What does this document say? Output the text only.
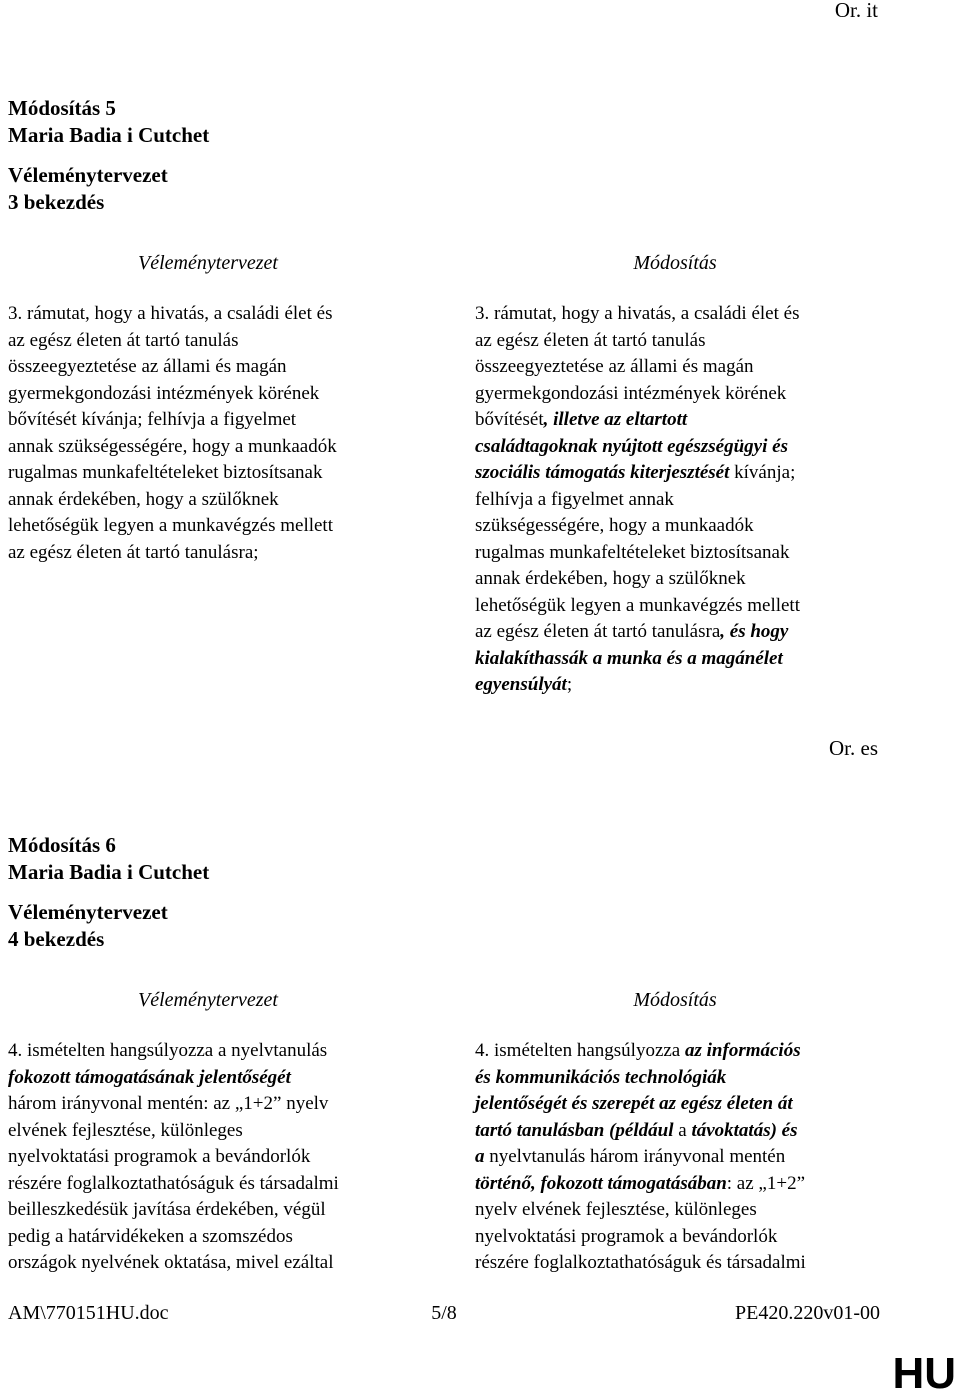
Or. it
Módosítás 5
Maria Badia i Cutchet
Véleménytervezet
3 bekezdés
Véleménytervezet	Módosítás
3. rámutat, hogy a hivatás, a családi élet és
az egész életen át tartó tanulás
összeegyeztetése az állami és magán
gyermekgondozási intézmények körének
bővítését kívánja; felhívja a figyelmet
annak szükségességére, hogy a munkaadók
rugalmas munkafeltételeket biztosítsanak
annak érdekében, hogy a szülőknek
lehetőségük legyen a munkavégzés mellett
az egész életen át tartó tanulásra;
3. rámutat, hogy a hivatás, a családi élet és
az egész életen át tartó tanulás
összeegyeztetése az állami és magán
gyermekgondozási intézmények körének
bővítését, illetve az eltartott
családtagoknak nyújtott egészségügyi és
szociális támogatás kiterjesztését kívánja;
felhívja a figyelmet annak
szükségességére, hogy a munkaadók
rugalmas munkafeltételeket biztosítsanak
annak érdekében, hogy a szülőknek
lehetőségük legyen a munkavégzés mellett
az egész életen át tartó tanulásra, és hogy
kialakíthassák a munka és a magánélet
egyensúlyát;
Or. es
Módosítás 6
Maria Badia i Cutchet
Véleménytervezet
4 bekezdés
Véleménytervezet	Módosítás
4. ismételten hangsúlyozza a nyelvtanulás
fokozott támogatásának jelentőségét
három irányvonal mentén: az „1+2” nyelv
elvének fejlesztése, különleges
nyelvoktatási programok a bevándorlók
részére foglalkoztathatóságuk és társadalmi
beilleszkedésük javítása érdekében, végül
pedig a határvidékeken a szomszédos
országok nyelvének oktatása, mivel ezáltal
4. ismételten hangsúlyozza az információs
és kommunikációs technológiák
jelentőségét és szerepét az egész életen át
tartó tanulásban (például a távoktatás) és
a nyelvtanulás három irányvonal mentén
történő, fokozott támogatásában: az „1+2”
nyelv elvének fejlesztése, különleges
nyelvoktatási programok a bevándorlók
részére foglalkoztathatóságuk és társadalmi
AM\770151HU.doc	5/8	PE420.220v01-00
HU
